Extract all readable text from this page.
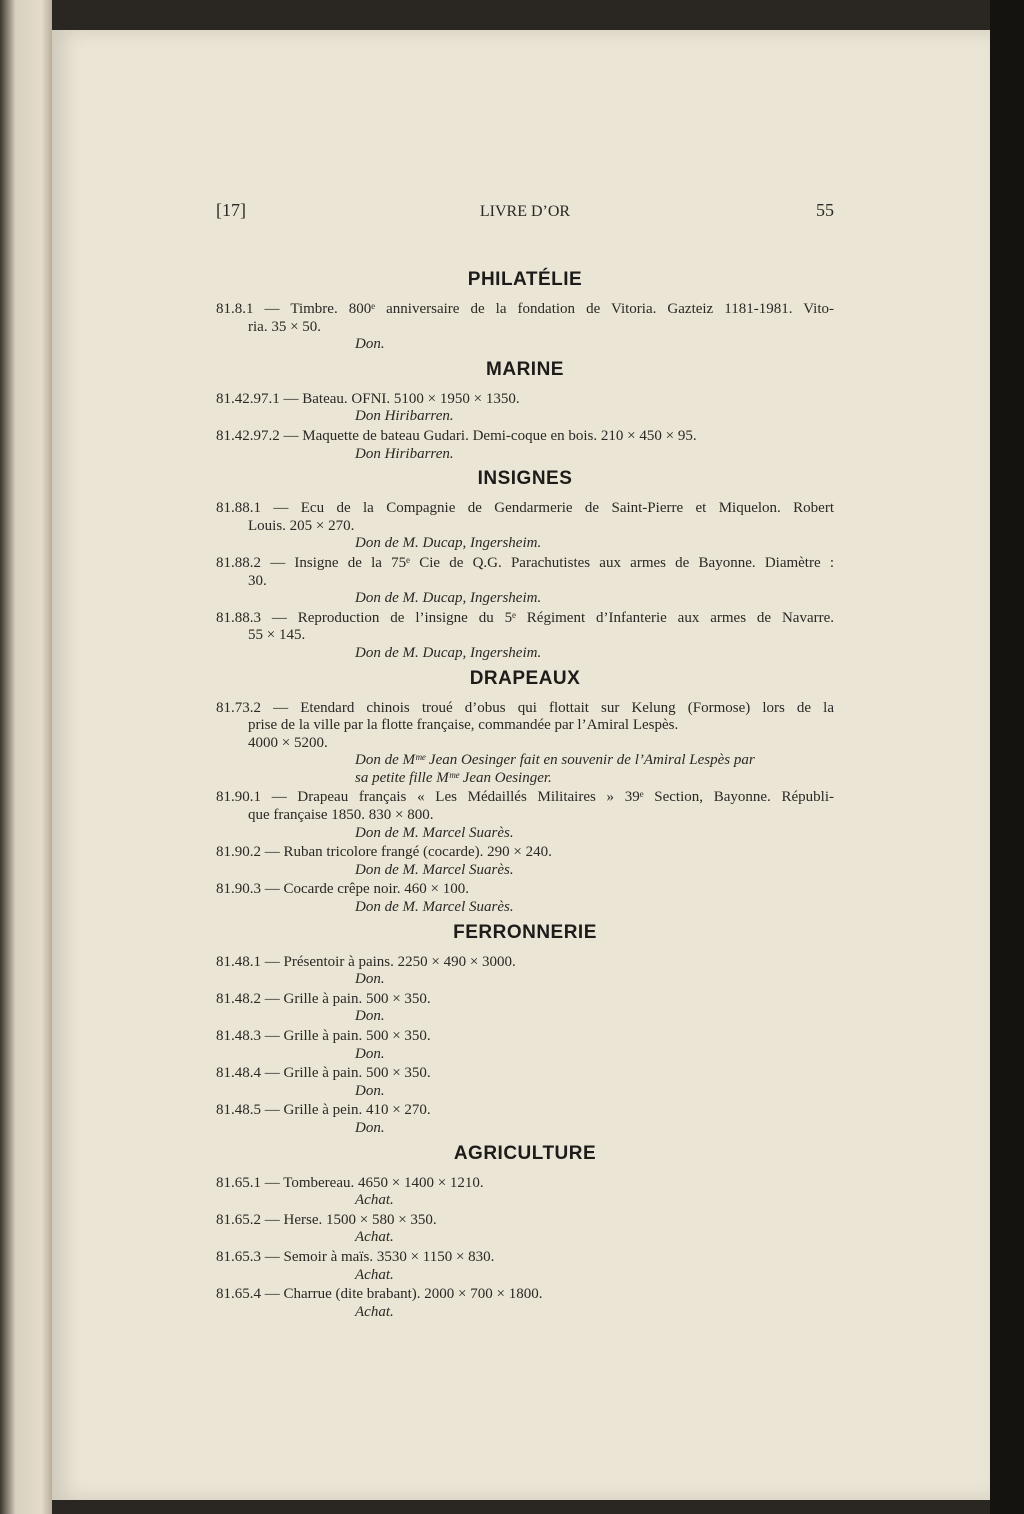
[17]	LIVRE D’OR	55
PHILATÉLIE
81.8.1 — Timbre. 800ᵉ anniversaire de la fondation de Vitoria. Gazteiz 1181-1981. Vito-
ria. 35 × 50.
Don.
MARINE
81.42.97.1 — Bateau. OFNI. 5100 × 1950 × 1350.
Don Hiribarren.
81.42.97.2 — Maquette de bateau Gudari. Demi-coque en bois. 210 × 450 × 95.
Don Hiribarren.
INSIGNES
81.88.1 — Ecu de la Compagnie de Gendarmerie de Saint-Pierre et Miquelon. Robert
Louis. 205 × 270.
Don de M. Ducap, Ingersheim.
81.88.2 — Insigne de la 75ᵉ Cie de Q.G. Parachutistes aux armes de Bayonne. Diamètre :
30.
Don de M. Ducap, Ingersheim.
81.88.3 — Reproduction de l’insigne du 5ᵉ Régiment d’Infanterie aux armes de Navarre.
55 × 145.
Don de M. Ducap, Ingersheim.
DRAPEAUX
81.73.2 — Etendard chinois troué d’obus qui flottait sur Kelung (Formose) lors de la
prise de la ville par la flotte française, commandée par l’Amiral Lespès.
4000 × 5200.
Don de Mᵐᵉ Jean Oesinger fait en souvenir de l’Amiral Lespès par
sa petite fille Mᵐᵉ Jean Oesinger.
81.90.1 — Drapeau français « Les Médaillés Militaires » 39ᵉ Section, Bayonne. Républi-
que française 1850. 830 × 800.
Don de M. Marcel Suarès.
81.90.2 — Ruban tricolore frangé (cocarde). 290 × 240.
Don de M. Marcel Suarès.
81.90.3 — Cocarde crêpe noir. 460 × 100.
Don de M. Marcel Suarès.
FERRONNERIE
81.48.1 — Présentoir à pains. 2250 × 490 × 3000.
Don.
81.48.2 — Grille à pain. 500 × 350.
Don.
81.48.3 — Grille à pain. 500 × 350.
Don.
81.48.4 — Grille à pain. 500 × 350.
Don.
81.48.5 — Grille à pein. 410 × 270.
Don.
AGRICULTURE
81.65.1 — Tombereau. 4650 × 1400 × 1210.
Achat.
81.65.2 — Herse. 1500 × 580 × 350.
Achat.
81.65.3 — Semoir à maïs. 3530 × 1150 × 830.
Achat.
81.65.4 — Charrue (dite brabant). 2000 × 700 × 1800.
Achat.
